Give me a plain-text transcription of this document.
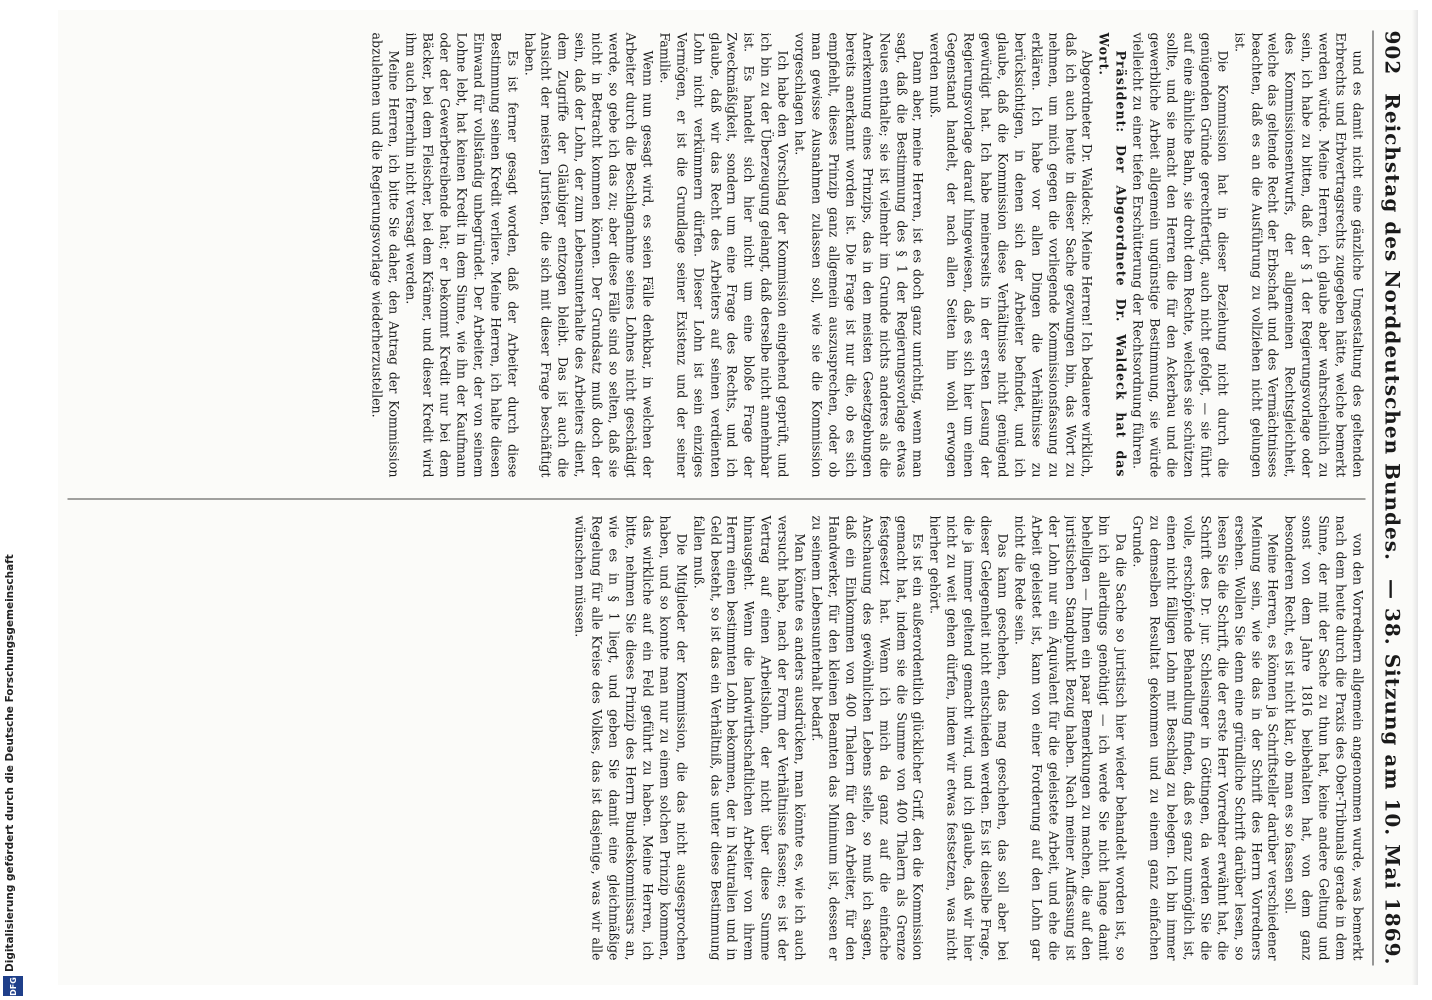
902
Reichstag des Norddeutschen Bundes.
— 38. Sitzung am 10. Mai 1869.

und es damit nicht eine gänzliche Umgestaltung des geltenden Erbrechts und Erbvertragsrechts zugegeben hätte, welche bemerkt werden würde. Meine Herren, ich glaube aber wahrscheinlich zu sein, ich habe zu bitten, daß der § 1 der Regierungsvorlage oder des Kommissionsentwurfs, der allgemeinen Rechtsgleichheit, welche das geltende Recht der Erbschaft und des Vermächtnisses beachten, daß es an die Ausführung zu vollziehen nicht gelungen ist.

Die Kommission hat in dieser Beziehung nicht durch die genügenden Gründe gerechtfertigt, auch nicht gefolgt, — sie führt auf eine ähnliche Bahn, sie droht dem Rechte, welches sie schützen sollte, und sie macht den Herren die für den Ackerbau und die gewerbliche Arbeit allgemein ungünstige Bestimmung, sie würde vielleicht zu einer tiefen Erschütterung der Rechtsordnung führen.

Präsident: Der Abgeordnete Dr. Waldeck hat das Wort.

Abgeordneter Dr. Waldeck: Meine Herren! Ich bedauere wirklich, daß ich auch heute in dieser Sache gezwungen bin, das Wort zu nehmen, um mich gegen die vorliegende Kommissionsfassung zu erklären. Ich habe vor allen Dingen die Verhältnisse zu berücksichtigen, in denen sich der Arbeiter befindet, und ich glaube, daß die Kommission diese Verhältnisse nicht genügend gewürdigt hat. Ich habe meinerseits in der ersten Lesung der Regierungsvorlage darauf hingewiesen, daß es sich hier um einen Gegenstand handelt, der nach allen Seiten hin wohl erwogen werden muß.

Dann aber, meine Herren, ist es doch ganz unrichtig, wenn man sagt, daß die Bestimmung des § 1 der Regierungsvorlage etwas Neues enthalte; sie ist vielmehr im Grunde nichts anderes als die Anerkennung eines Prinzips, das in den meisten Gesetzgebungen bereits anerkannt worden ist. Die Frage ist nur die, ob es sich empfiehlt, dieses Prinzip ganz allgemein auszusprechen, oder ob man gewisse Ausnahmen zulassen soll, wie sie die Kommission vorgeschlagen hat.

Ich habe den Vorschlag der Kommission eingehend geprüft, und ich bin zu der Überzeugung gelangt, daß derselbe nicht annehmbar ist. Es handelt sich hier nicht um eine bloße Frage der Zweckmäßigkeit, sondern um eine Frage des Rechts, und ich glaube, daß wir das Recht des Arbeiters auf seinen verdienten Lohn nicht verkümmern dürfen. Dieser Lohn ist sein einziges Vermögen, er ist die Grundlage seiner Existenz und der seiner Familie.

Wenn nun gesagt wird, es seien Fälle denkbar, in welchen der Arbeiter durch die Beschlagnahme seines Lohnes nicht geschädigt werde, so gebe ich das zu; aber diese Fälle sind so selten, daß sie nicht in Betracht kommen können. Der Grundsatz muß doch der sein, daß der Lohn, der zum Lebensunterhalte des Arbeiters dient, dem Zugriffe der Gläubiger entzogen bleibt. Das ist auch die Ansicht der meisten Juristen, die sich mit dieser Frage beschäftigt haben.

Es ist ferner gesagt worden, daß der Arbeiter durch diese Bestimmung seinen Kredit verliere. Meine Herren, ich halte diesen Einwand für vollständig unbegründet. Der Arbeiter, der von seinem Lohne lebt, hat keinen Kredit in dem Sinne, wie ihn der Kaufmann oder der Gewerbetreibende hat; er bekommt Kredit nur bei dem Bäcker, bei dem Fleischer, bei dem Krämer, und dieser Kredit wird ihm auch fernerhin nicht versagt werden.

Meine Herren, ich bitte Sie daher, den Antrag der Kommission abzulehnen und die Regierungsvorlage wiederherzustellen.

von den Vorrednern allgemein angenommen wurde, was bemerkt nach dem heute durch die Praxis des Ober-Tribunals gerade in dem Sinne, der mit der Sache zu thun hat, keine andere Geltung und sonst von dem Jahre 1816 beibehalten hat, von dem ganz besonderen Recht, es ist nicht klar, ob man es so fassen soll.

Meine Herren, es können ja Schriftsteller darüber verschiedener Meinung sein, wie sie das in der Schrift des Herrn Vorredners ersehen. Wollen Sie denn eine gründliche Schrift darüber lesen, so lesen Sie die Schrift, die der erste Herr Vorredner erwähnt hat, die Schrift des Dr. jur. Schlesinger in Göttingen, da werden Sie die volle, erschöpfende Behandlung finden, daß es ganz unmöglich ist, einen nicht fälligen Lohn mit Beschlag zu belegen. Ich bin immer zu demselben Resultat gekommen und zu einem ganz einfachen Grunde.

Da die Sache so juristisch hier wieder behandelt worden ist, so bin ich allerdings genöthigt — ich werde Sie nicht lange damit behelligen — Ihnen ein paar Bemerkungen zu machen, die auf den juristischen Standpunkt Bezug haben. Nach meiner Auffassung ist der Lohn nur ein Äquivalent für die geleistete Arbeit, und ehe die Arbeit geleistet ist, kann von einer Forderung auf den Lohn gar nicht die Rede sein.

Das kann geschehen, das mag geschehen, das soll aber bei dieser Gelegenheit nicht entschieden werden. Es ist dieselbe Frage, die ja immer geltend gemacht wird, und ich glaube, daß wir hier nicht zu weit gehen dürfen, indem wir etwas festsetzen, was nicht hierher gehört.

Es ist ein außerordentlich glücklicher Griff, den die Kommission gemacht hat, indem sie die Summe von 400 Thalern als Grenze festgesetzt hat. Wenn ich mich da ganz auf die einfache Anschauung des gewöhnlichen Lebens stelle, so muß ich sagen, daß ein Einkommen von 400 Thalern für den Arbeiter, für den Handwerker, für den kleinen Beamten das Minimum ist, dessen er zu seinem Lebensunterhalt bedarf.

Man könnte es anders ausdrücken, man könnte es, wie ich auch versucht habe, nach der Form der Verhältnisse fassen; es ist der Vertrag auf einen Arbeitslohn, der nicht über diese Summe hinausgeht. Wenn die landwirthschaftlichen Arbeiter von ihrem Herrn einen bestimmten Lohn bekommen, der in Naturalien und in Geld besteht, so ist das ein Verhältniß, das unter diese Bestimmung fallen muß.

Die Mitglieder der Kommission, die das nicht ausgesprochen haben, und so konnte man nur zu einem solchen Prinzip kommen, das wirkliche auf ein Feld geführt zu haben. Meine Herren, ich bitte, nehmen Sie dieses Prinzip des Herrn Bundeskommissars an, wie es in § 1 liegt, und geben Sie damit eine gleichmäßige Regelung für alle Kreise des Volkes, das ist dasjenige, was wir alle wünschen müssen.

Digitalisierung gefördert durch die Deutsche Forschungsgemeinschaft
DFG
